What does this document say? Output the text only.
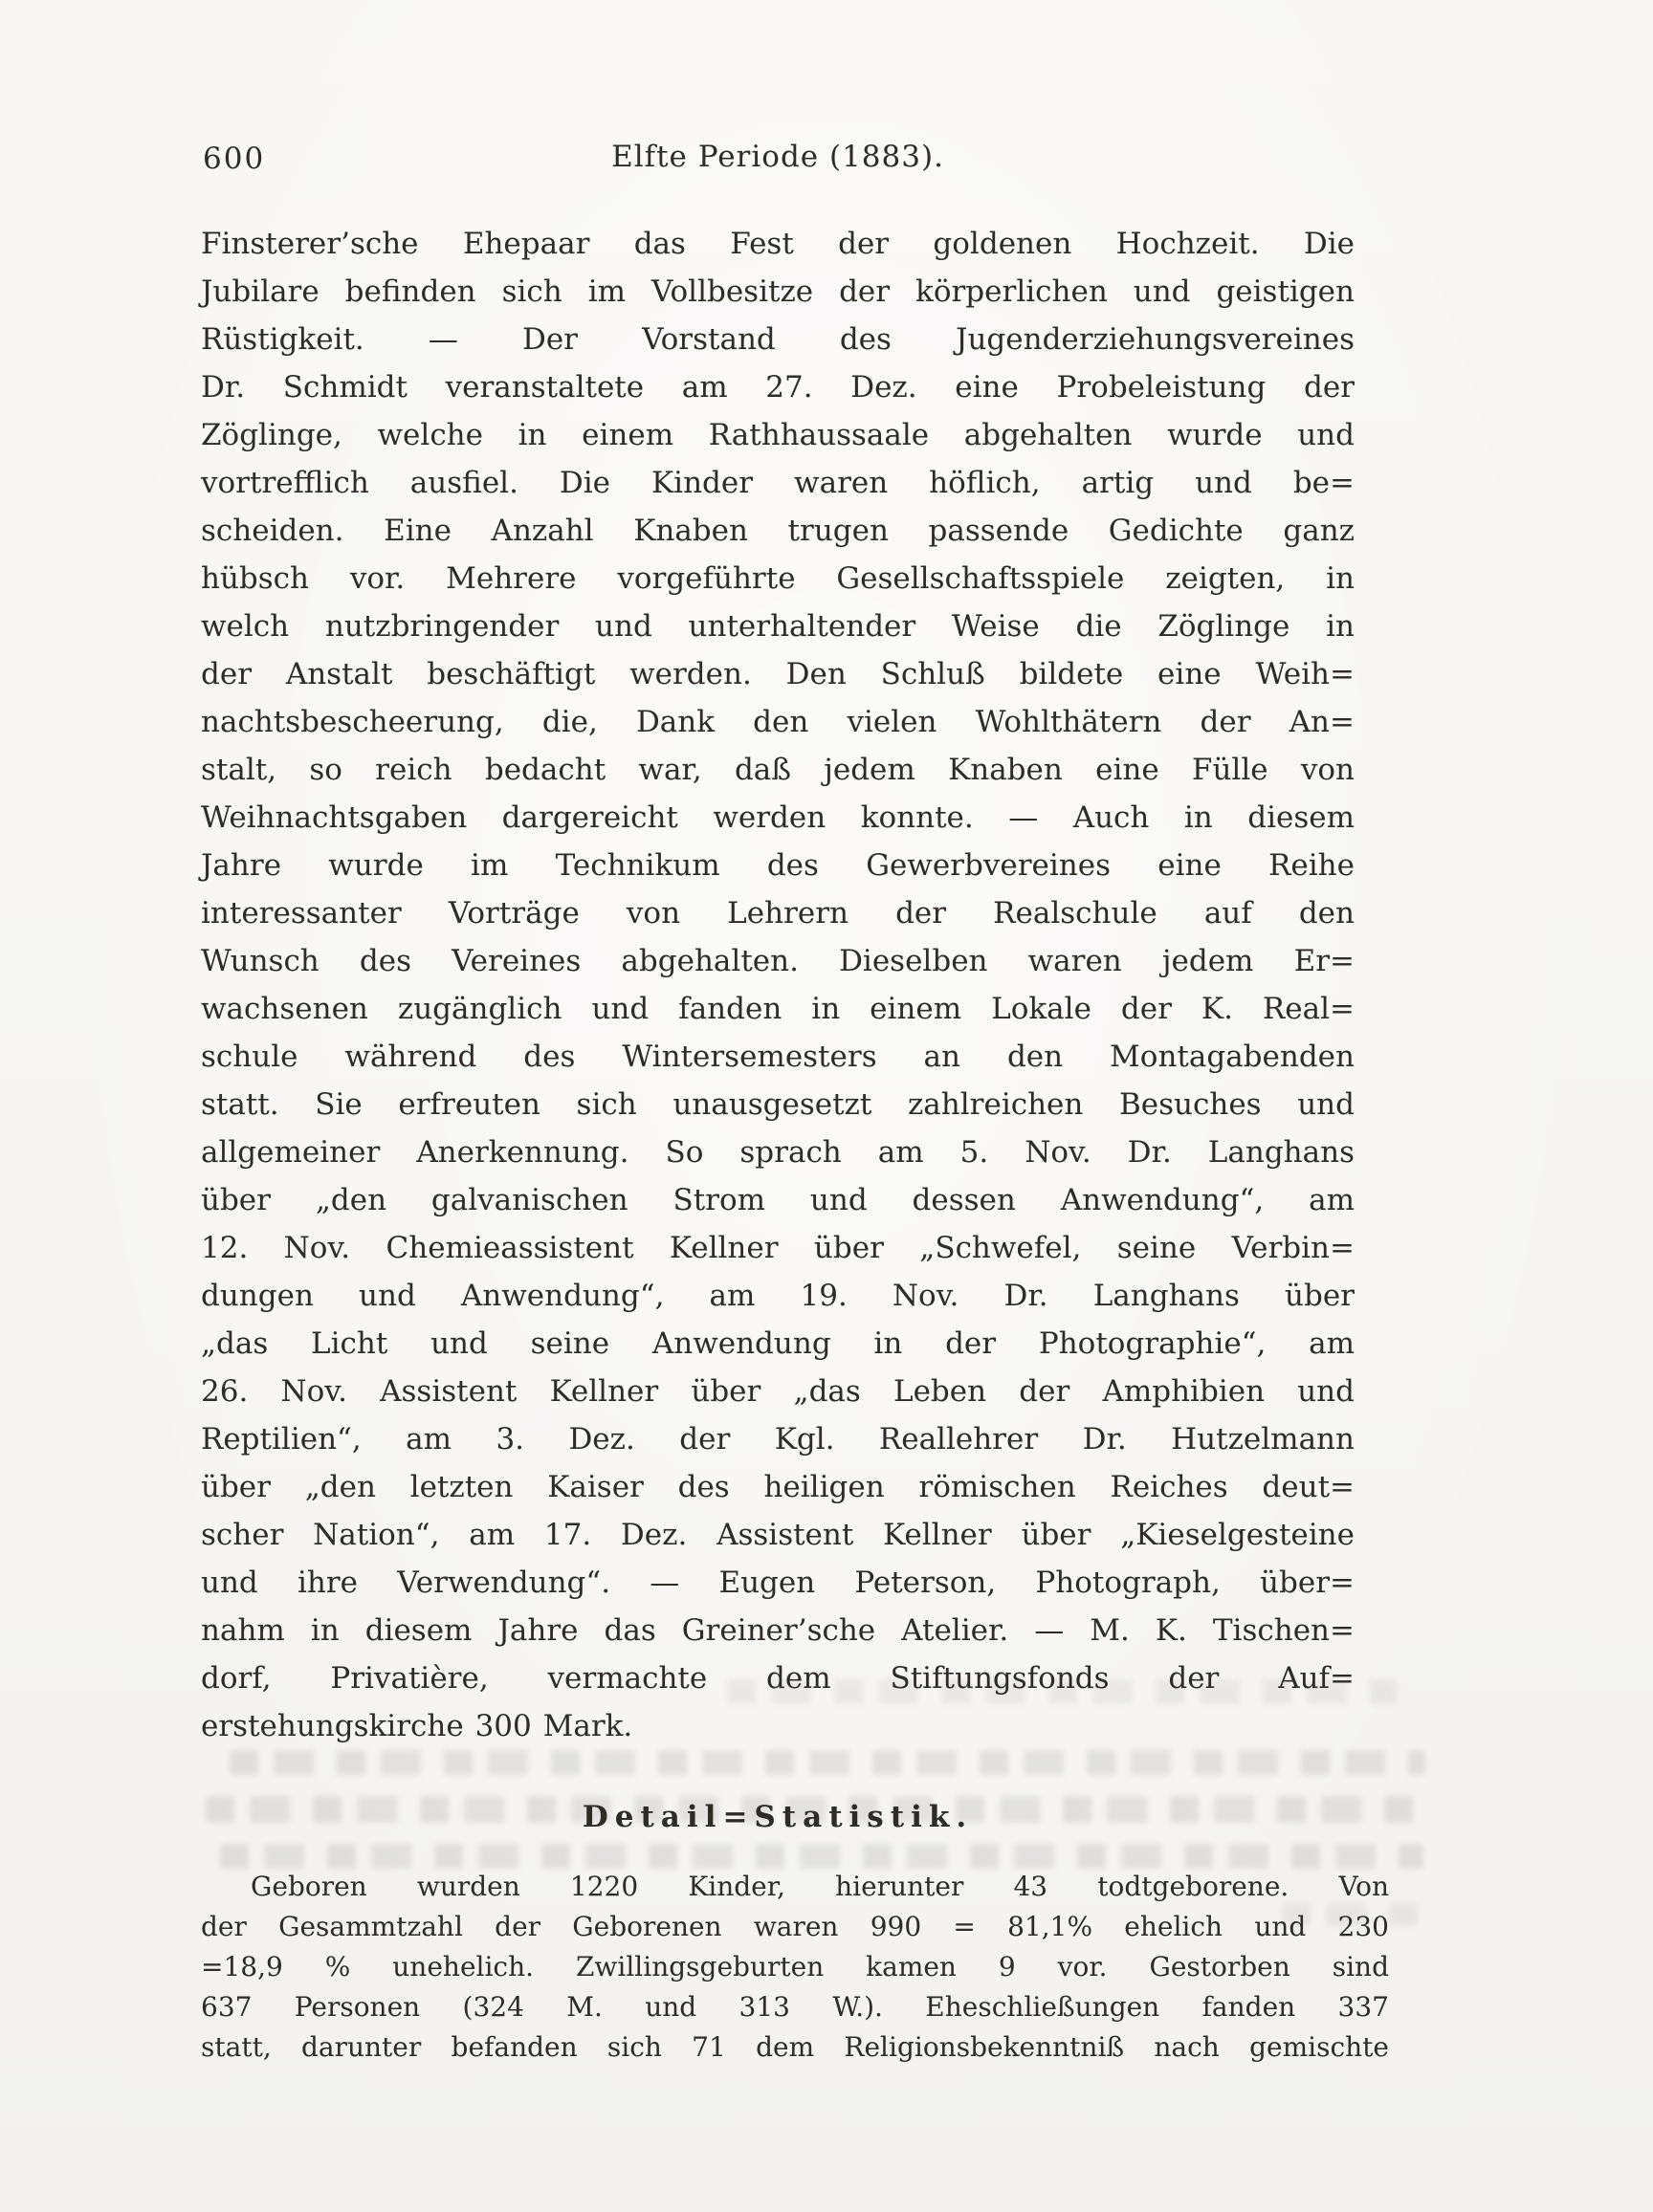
600	Elfte Periode (1883).
Finsterer’sche Ehepaar das Fest der goldenen Hochzeit. Die
Jubilare befinden sich im Vollbesitze der körperlichen und geistigen
Rüstigkeit. — Der Vorstand des Jugenderziehungsvereines
Dr. Schmidt veranstaltete am 27. Dez. eine Probeleistung der
Zöglinge, welche in einem Rathhaussaale abgehalten wurde und
vortrefflich ausfiel. Die Kinder waren höflich, artig und be=
scheiden. Eine Anzahl Knaben trugen passende Gedichte ganz
hübsch vor. Mehrere vorgeführte Gesellschaftsspiele zeigten, in
welch nutzbringender und unterhaltender Weise die Zöglinge in
der Anstalt beschäftigt werden. Den Schluß bildete eine Weih=
nachtsbescheerung, die, Dank den vielen Wohlthätern der An=
stalt, so reich bedacht war, daß jedem Knaben eine Fülle von
Weihnachtsgaben dargereicht werden konnte. — Auch in diesem
Jahre wurde im Technikum des Gewerbvereines eine Reihe
interessanter Vorträge von Lehrern der Realschule auf den
Wunsch des Vereines abgehalten. Dieselben waren jedem Er=
wachsenen zugänglich und fanden in einem Lokale der K. Real=
schule während des Wintersemesters an den Montagabenden
statt. Sie erfreuten sich unausgesetzt zahlreichen Besuches und
allgemeiner Anerkennung. So sprach am 5. Nov. Dr. Langhans
über „den galvanischen Strom und dessen Anwendung“, am
12. Nov. Chemieassistent Kellner über „Schwefel, seine Verbin=
dungen und Anwendung“, am 19. Nov. Dr. Langhans über
„das Licht und seine Anwendung in der Photographie“, am
26. Nov. Assistent Kellner über „das Leben der Amphibien und
Reptilien“, am 3. Dez. der Kgl. Reallehrer Dr. Hutzelmann
über „den letzten Kaiser des heiligen römischen Reiches deut=
scher Nation“, am 17. Dez. Assistent Kellner über „Kieselgesteine
und ihre Verwendung“. — Eugen Peterson, Photograph, über=
nahm in diesem Jahre das Greiner’sche Atelier. — M. K. Tischen=
dorf, Privatière, vermachte dem Stiftungsfonds der Auf=
erstehungskirche 300 Mark.
Detail=Statistik.
Geboren wurden 1220 Kinder, hierunter 43 todtgeborene. Von
der Gesammtzahl der Geborenen waren 990 = 81,1% ehelich und 230
=18,9 % unehelich. Zwillingsgeburten kamen 9 vor. Gestorben sind
637 Personen (324 M. und 313 W.). Eheschließungen fanden 337
statt, darunter befanden sich 71 dem Religionsbekenntniß nach gemischte
